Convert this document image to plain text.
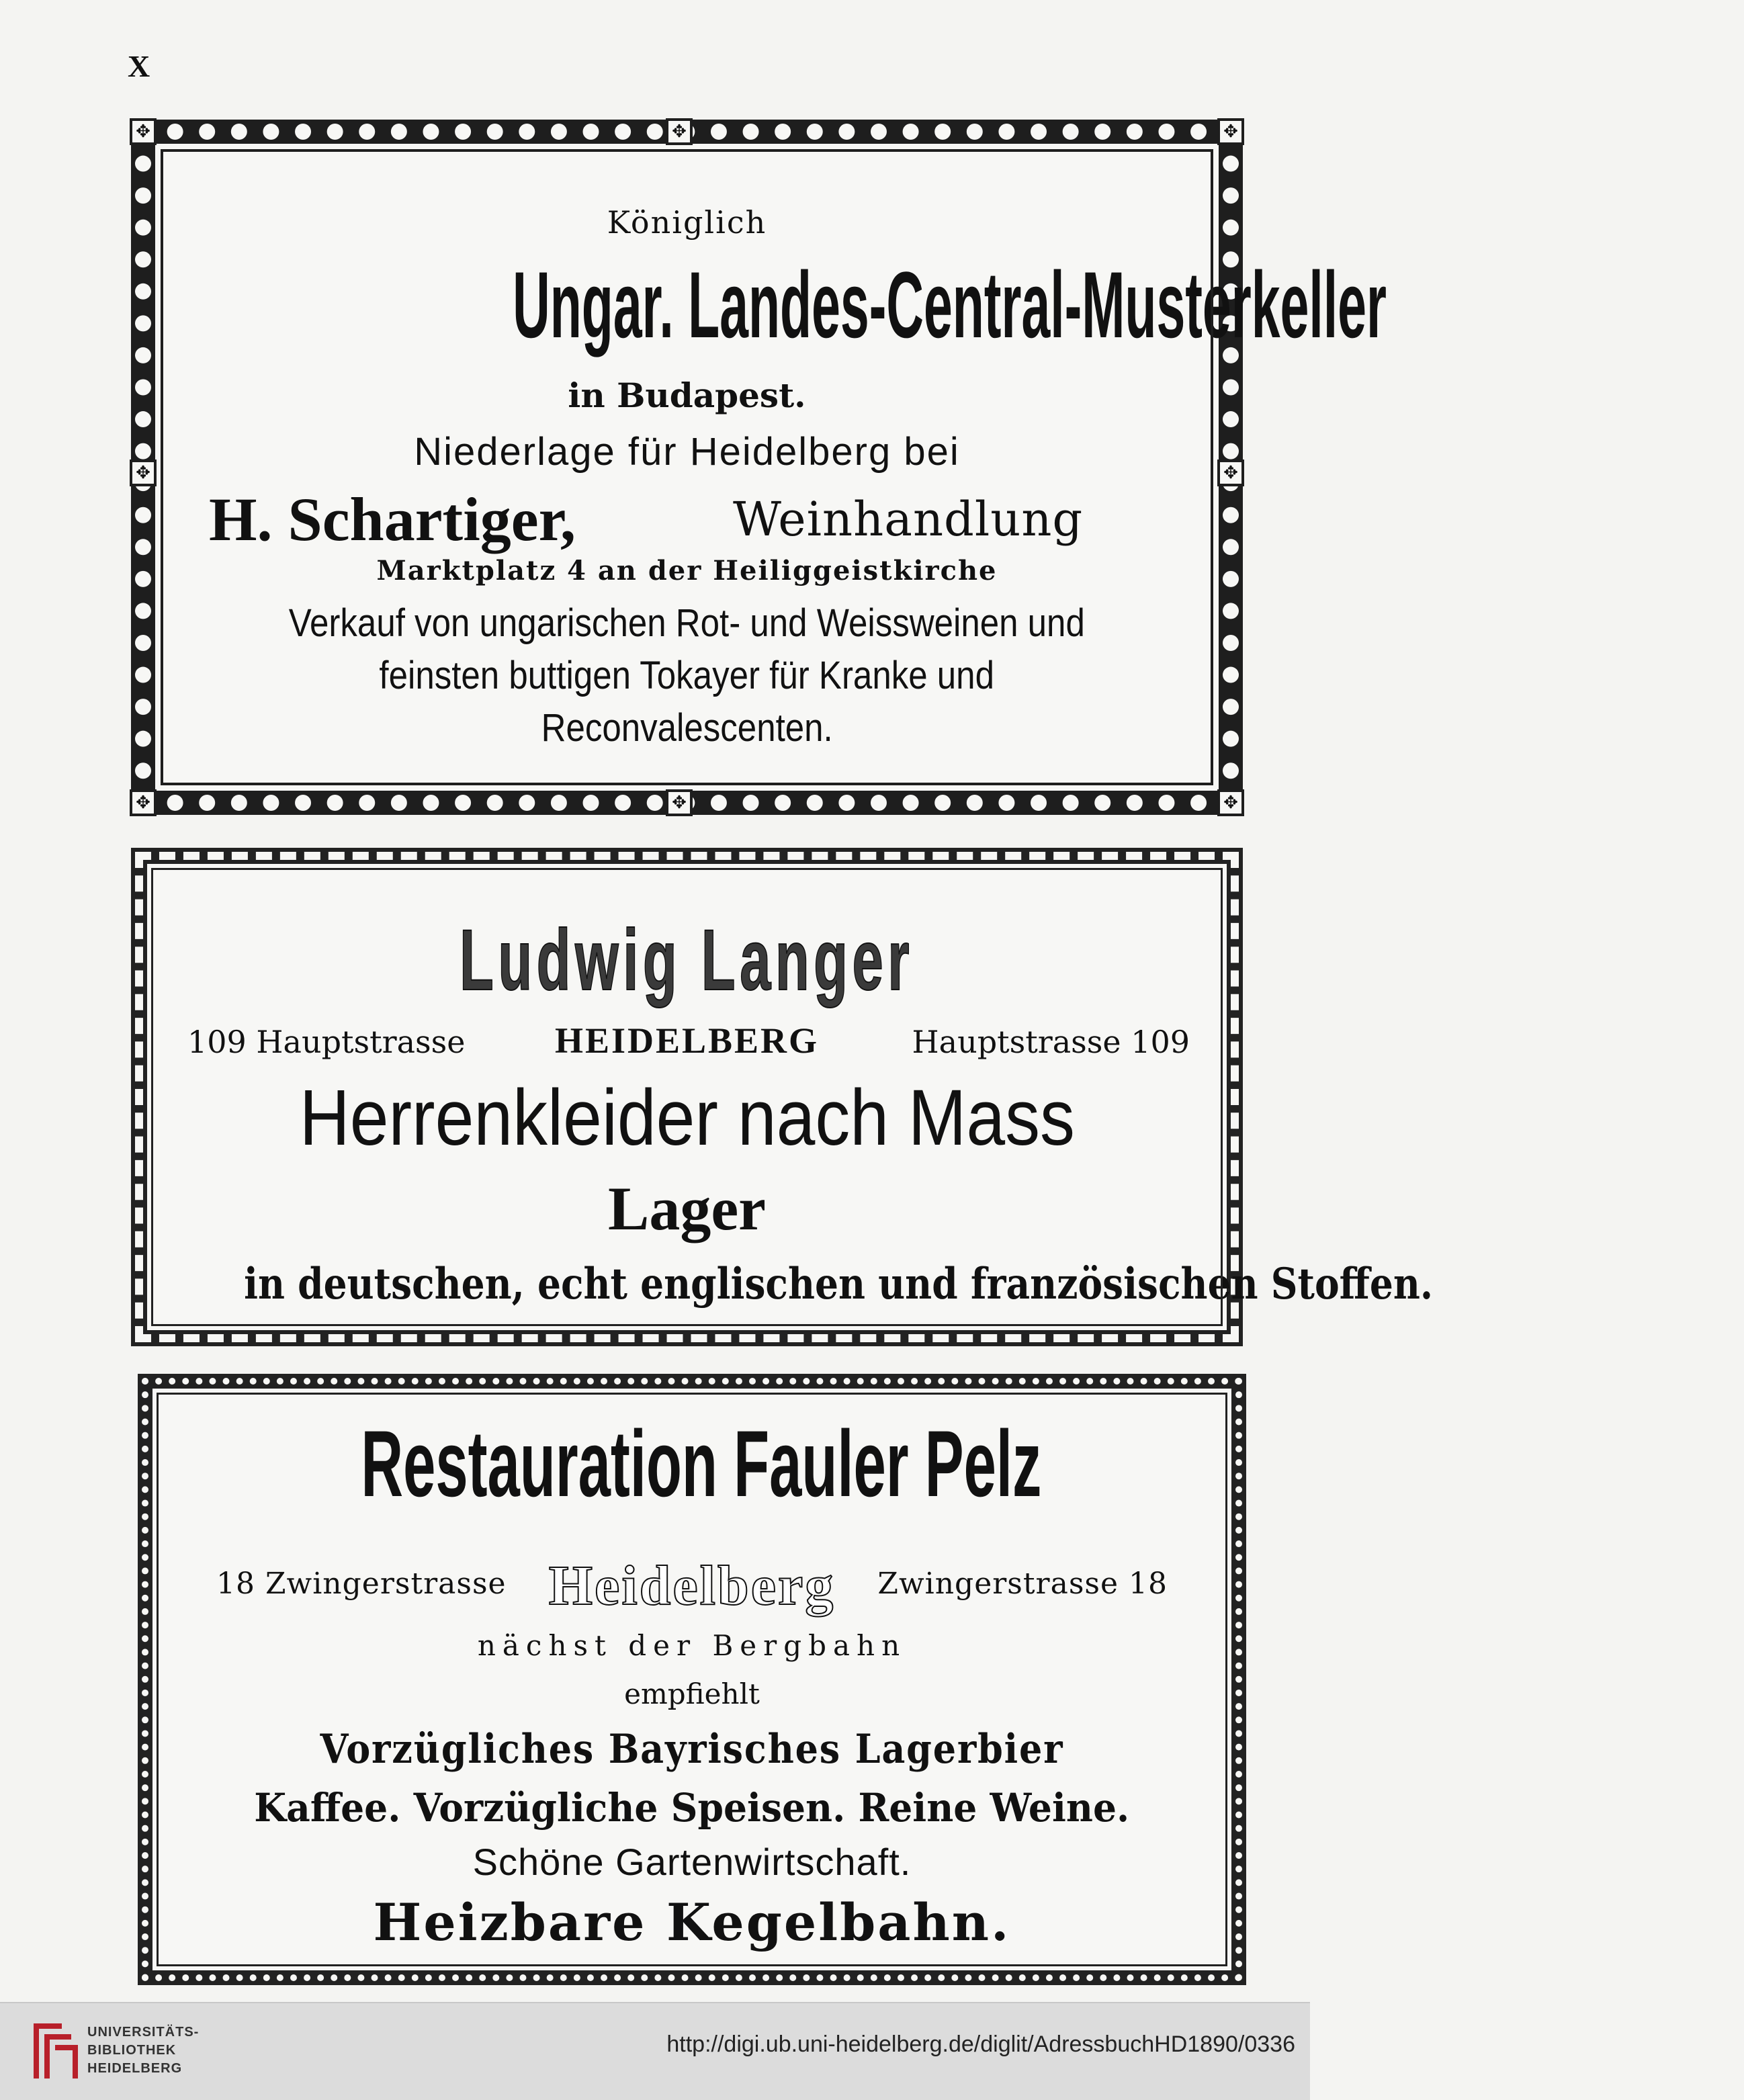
X
✥	✥
✥	✥
✥
✥
✥	✥
Königlich
Ungar. Landes-Central-Musterkeller
in Budapest.
Niederlage für Heidelberg bei
H. Schartiger,	Weinhandlung
Marktplatz 4 an der Heiliggeistkirche
Verkauf von ungarischen Rot- und Weissweinen und
feinsten buttigen Tokayer für Kranke und
Reconvalescenten.
Ludwig Langer
HEIDELBERG
109 Hauptstrasse	Hauptstrasse 109
Herrenkleider nach Mass
Lager
in deutschen, echt englischen und französischen Stoffen.
Restauration Fauler Pelz
Heidelberg
18 Zwingerstrasse	Zwingerstrasse 18
nächst der Bergbahn
empfiehlt
Vorzügliches Bayrisches Lagerbier
Kaffee. Vorzügliche Speisen. Reine Weine.
Schöne Gartenwirtschaft.
Heizbare Kegelbahn.
UNIVERSITÄTS-
BIBLIOTHEK
HEIDELBERG
http://digi.ub.uni-heidelberg.de/diglit/AdressbuchHD1890/0336
